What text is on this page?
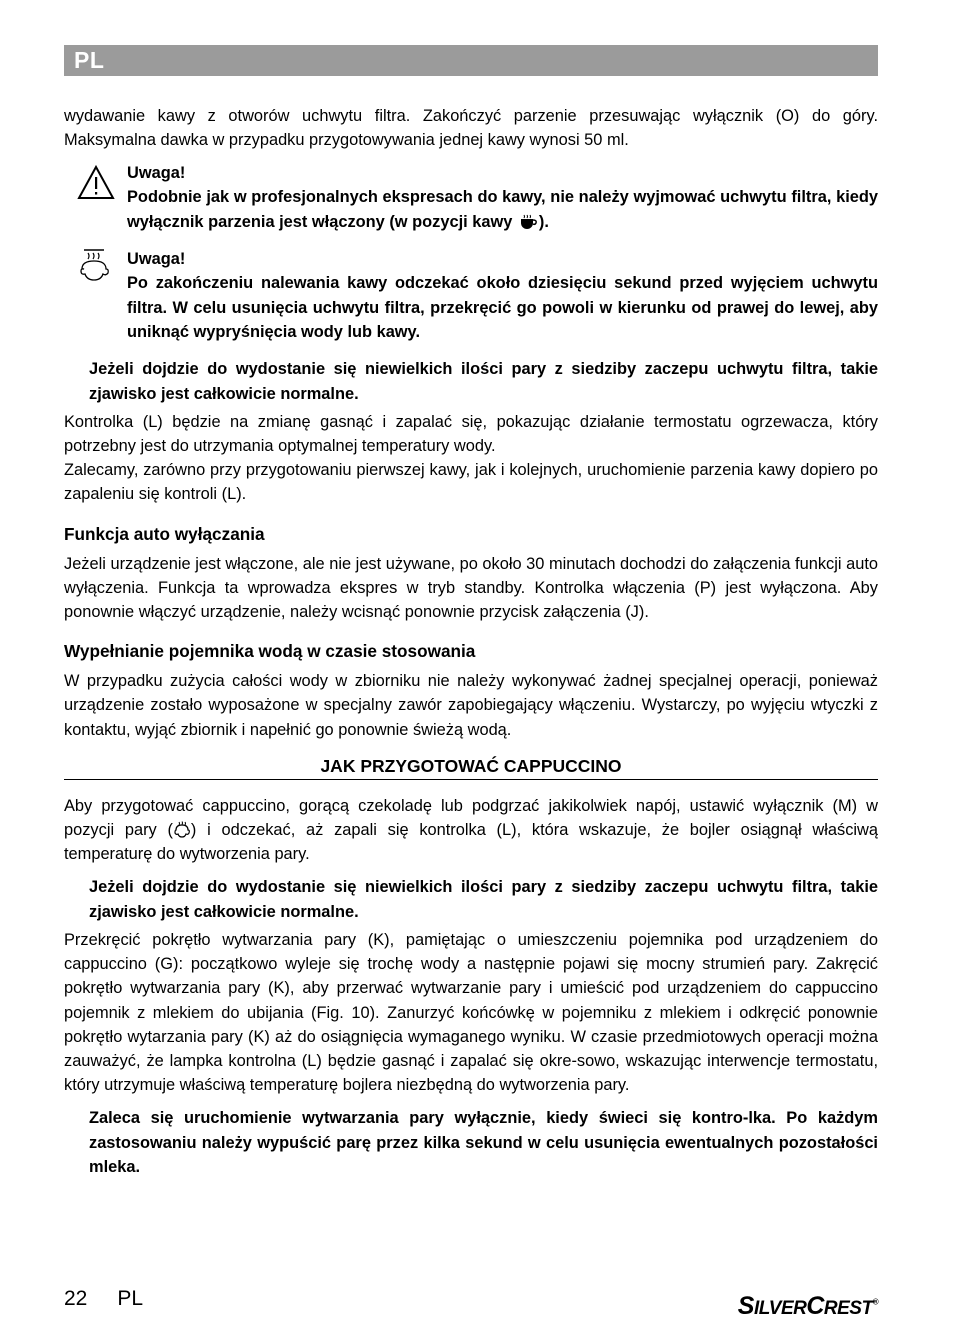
PL

wydawanie kawy z otworów uchwytu filtra. Zakończyć parzenie przesuwając wyłącznik (O) do góry. Maksymalna dawka w przypadku przygotowywania jednej kawy wynosi 50 ml.

Uwaga!
Podobnie jak w profesjonalnych ekspresach do kawy, nie należy wyjmować uchwytu filtra, kiedy wyłącznik parzenia jest włączony (w pozycji kawy ).
Uwaga!
Po zakończeniu nalewania kawy odczekać około dziesięciu sekund przed wyjęciem uchwytu filtra. W celu usunięcia uchwytu filtra, przekręcić go powoli w kierunku od prawej do lewej, aby uniknąć wypryśnięcia wody lub kawy.

Jeżeli dojdzie do wydostanie się niewielkich ilości pary z siedziby zaczepu uchwytu filtra, takie zjawisko jest całkowicie normalne.

Kontrolka (L) będzie na zmianę gasnąć i zapalać się, pokazując działanie termostatu ogrzewacza, który potrzebny jest do utrzymania optymalnej temperatury wody.

Zalecamy, zarówno przy przygotowaniu pierwszej kawy, jak i kolejnych, uruchomienie parzenia kawy dopiero po zapaleniu się kontroli (L).

Funkcja auto wyłączania

Jeżeli urządzenie jest włączone, ale nie jest używane, po około 30 minutach dochodzi do załączenia funkcji auto wyłączenia. Funkcja ta wprowadza ekspres w tryb standby. Kontrolka włączenia (P) jest wyłączona. Aby ponownie włączyć urządzenie, należy wcisnąć ponownie przycisk załączenia (J).

Wypełnianie pojemnika wodą w czasie stosowania

W przypadku zużycia całości wody w zbiorniku nie należy wykonywać żadnej specjalnej operacji, ponieważ urządzenie zostało wyposażone w specjalny zawór zapobiegający włączeniu. Wystarczy, po wyjęciu wtyczki z kontaktu, wyjąć zbiornik i napełnić go ponownie świeżą wodą.

JAK PRZYGOTOWAĆ CAPPUCCINO

Aby przygotować cappuccino, gorącą czekoladę lub podgrzać jakikolwiek napój, ustawić wyłącznik (M) w pozycji pary ( ) i odczekać, aż zapali się kontrolka (L), która wskazuje, że bojler osiągnął właściwą temperaturę do wytworzenia pary.

Jeżeli dojdzie do wydostanie się niewielkich ilości pary z siedziby zaczepu uchwytu filtra, takie zjawisko jest całkowicie normalne.

Przekręcić pokrętło wytwarzania pary (K), pamiętając o umieszczeniu pojemnika pod urządzeniem do cappuccino (G): początkowo wyleje się trochę wody a następnie pojawi się mocny strumień pary. Zakręcić pokrętło wytwarzania pary (K), aby przerwać wytwarzanie pary i umieścić pod urządzeniem do cappuccino pojemnik z mlekiem do ubijania (Fig. 10). Zanurzyć końcówkę w pojemniku z mlekiem i odkręcić ponownie pokrętło wytarzania pary (K) aż do osiągnięcia wymaganego wyniku. W czasie przedmiotowych operacji można zauważyć, że lampka kontrolna (L) będzie gasnąć i zapalać się okre-sowo, wskazując interwencje termostatu, który utrzymuje właściwą temperaturę bojlera niezbędną do wytworzenia pary.

Zaleca się uruchomienie wytwarzania pary wyłącznie, kiedy świeci się kontro-lka. Po każdym zastosowaniu należy wypuścić parę przez kilka sekund w celu usunięcia ewentualnych pozostałości mleka.

22 PL	SILVERCREST®
